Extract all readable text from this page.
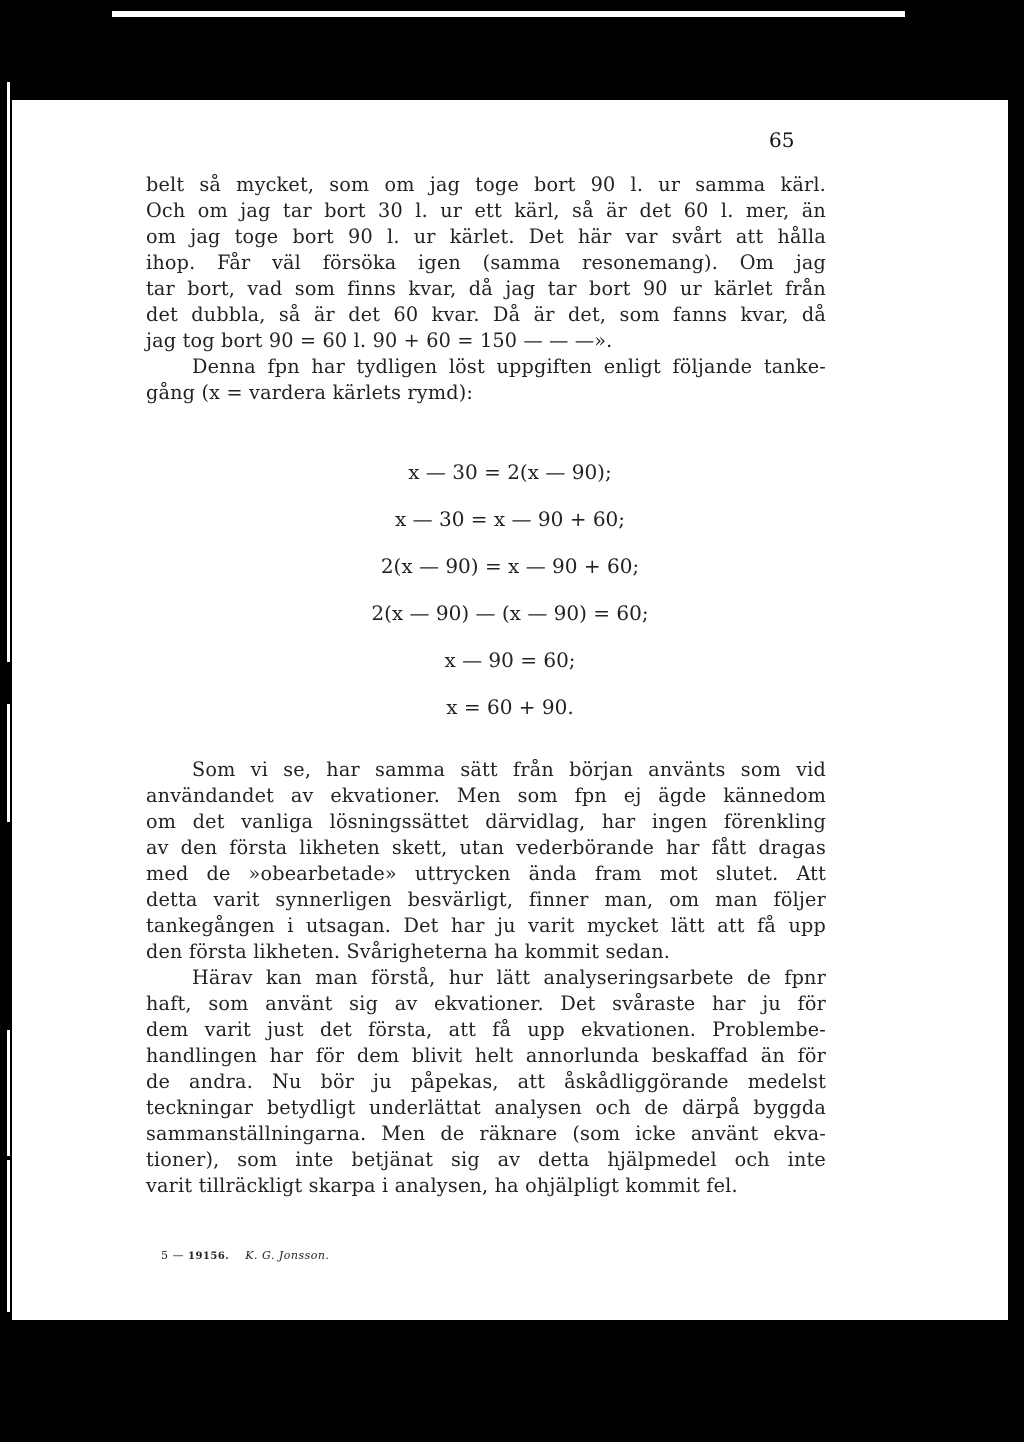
65
belt så mycket, som om jag toge bort 90 l. ur samma kärl.
Och om jag tar bort 30 l. ur ett kärl, så är det 60 l. mer, än
om jag toge bort 90 l. ur kärlet. Det här var svårt att hålla
ihop. Får väl försöka igen (samma resonemang). Om jag
tar bort, vad som finns kvar, då jag tar bort 90 ur kärlet från
det dubbla, så är det 60 kvar. Då är det, som fanns kvar, då
jag tog bort 90 = 60 l. 90 + 60 = 150 — — —».
Denna fpn har tydligen löst uppgiften enligt följande tanke-
gång (x = vardera kärlets rymd):
x — 30 = 2(x — 90);
x — 30 = x — 90 + 60;
2(x — 90) = x — 90 + 60;
2(x — 90) — (x — 90) = 60;
x — 90 = 60;
x = 60 + 90.
Som vi se, har samma sätt från början använts som vid
användandet av ekvationer. Men som fpn ej ägde kännedom
om det vanliga lösningssättet därvidlag, har ingen förenkling
av den första likheten skett, utan vederbörande har fått dragas
med de »obearbetade» uttrycken ända fram mot slutet. Att
detta varit synnerligen besvärligt, finner man, om man följer
tankegången i utsagan. Det har ju varit mycket lätt att få upp
den första likheten. Svårigheterna ha kommit sedan.
Härav kan man förstå, hur lätt analyseringsarbete de fpnr
haft, som använt sig av ekvationer. Det svåraste har ju för
dem varit just det första, att få upp ekvationen. Problembe-
handlingen har för dem blivit helt annorlunda beskaffad än för
de andra. Nu bör ju påpekas, att åskådliggörande medelst
teckningar betydligt underlättat analysen och de därpå byggda
sammanställningarna. Men de räknare (som icke använt ekva-
tioner), som inte betjänat sig av detta hjälpmedel och inte
varit tillräckligt skarpa i analysen, ha ohjälpligt kommit fel.
5 — 19156. K. G. Jonsson.
